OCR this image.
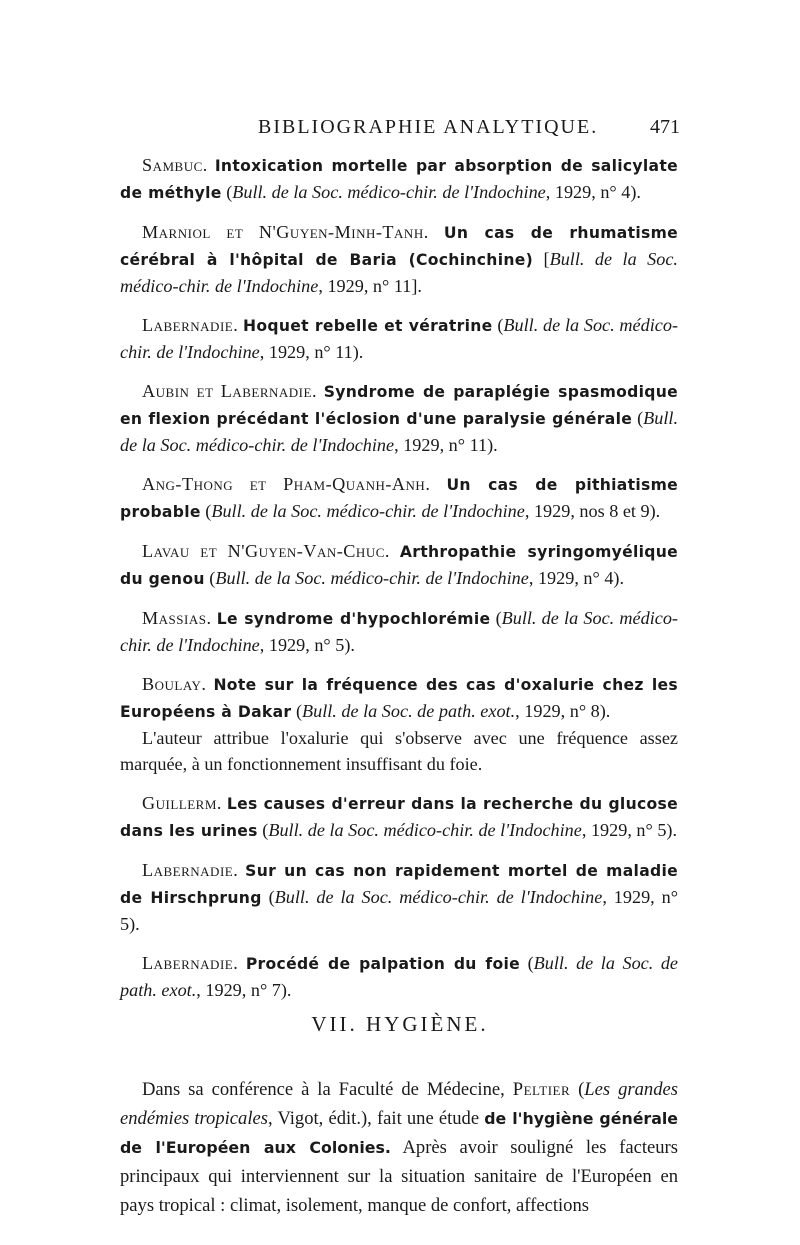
BIBLIOGRAPHIE ANALYTIQUE.	471

Sambuc. Intoxication mortelle par absorption de salicylate de méthyle (Bull. de la Soc. médico-chir. de l'Indochine, 1929, n° 4).

Marniol et N'Guyen-Minh-Tanh. Un cas de rhumatisme cérébral à l'hôpital de Baria (Cochinchine) [Bull. de la Soc. médico-chir. de l'Indochine, 1929, n° 11].

Labernadie. Hoquet rebelle et vératrine (Bull. de la Soc. médico-chir. de l'Indochine, 1929, n° 11).

Aubin et Labernadie. Syndrome de paraplégie spasmodique en flexion précédant l'éclosion d'une paralysie générale (Bull. de la Soc. médico-chir. de l'Indochine, 1929, n° 11).

Ang-Thong et Pham-Quanh-Anh. Un cas de pithiatisme probable (Bull. de la Soc. médico-chir. de l'Indochine, 1929, nos 8 et 9).

Lavau et N'Guyen-Van-Chuc. Arthropathie syringomyélique du genou (Bull. de la Soc. médico-chir. de l'Indochine, 1929, n° 4).

Massias. Le syndrome d'hypochlorémie (Bull. de la Soc. médico-chir. de l'Indochine, 1929, n° 5).

Boulay. Note sur la fréquence des cas d'oxalurie chez les Européens à Dakar (Bull. de la Soc. de path. exot., 1929, n° 8).
L'auteur attribue l'oxalurie qui s'observe avec une fréquence assez marquée, à un fonctionnement insuffisant du foie.

Guillerm. Les causes d'erreur dans la recherche du glucose dans les urines (Bull. de la Soc. médico-chir. de l'Indochine, 1929, n° 5).

Labernadie. Sur un cas non rapidement mortel de maladie de Hirschprung (Bull. de la Soc. médico-chir. de l'Indochine, 1929, n° 5).

Labernadie. Procédé de palpation du foie (Bull. de la Soc. de path. exot., 1929, n° 7).

VII. HYGIÈNE.
Dans sa conférence à la Faculté de Médecine, Peltier (Les grandes endémies tropicales, Vigot, édit.), fait une étude de l'hygiène générale de l'Européen aux Colonies. Après avoir souligné les facteurs principaux qui interviennent sur la situation sanitaire de l'Européen en pays tropical : climat, isolement, manque de confort, affections
